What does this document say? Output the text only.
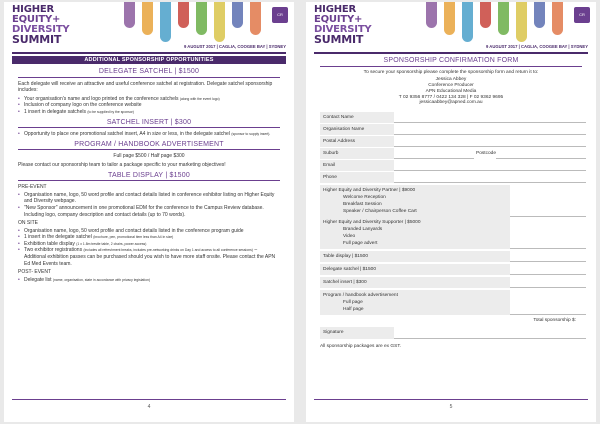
HIGHER
EQUITY+
DIVERSITY
SUMMIT
CR
9 AUGUST 2017 | CAGLIA, COOGEE BAY | SYDNEY
ADDITIONAL SPONSORSHIP OPPORTUNITIES
DELEGATE SATCHEL | $1500
Each delegate will receive an attractive and useful conference satchel at registration. Delegate satchel sponsorship includes:
• Your organisation's name and logo printed on the conference satchels (along with the event logo)
• Inclusion of company logo on the conference website
• 1 insert in delegate satchels (to be supplied by the sponsor)
SATCHEL INSERT | $300
• Opportunity to place one promotional satchel insert, A4 in size or less, in the delegate satchel (sponsor to supply insert).
PROGRAM / HANDBOOK ADVERTISEMENT
Full page $500 / Half page $300
Please contact our sponsorship team to tailor a package specific to your marketing objectives!
TABLE DISPLAY | $1500
PRE-EVENT
• Organisation name, logo, 50 word profile and contact details listed in conference exhibitor listing on Higher Equity and Diversity webpage.
• "New Sponsor" announcement in one promotional EDM for the conference to the Campus Review database. Including logo, company description and contact details (up to 70 words).
ON SITE
• Organisation name, logo, 50 word profile and contact details listed in the conference program guide
• 1 insert in the delegate satchel (brochure, pen, promotional item less than A4 in size)
• Exhibition table display (1 x 1.8m trestle table, 2 chairs, power access)
• Two exhibitor registrations (includes all refreshment breaks, includes pre-networking drinks on Day 1 and access to all conference sessions) – Additional exhibition passes can be purchased should you wish to have more staff onsite. Please contact the APN Ed Med Events team.
POST- EVENT
• Delegate list (name, organisation, state in accordance with privacy legislation)
4
HIGHER
EQUITY+
DIVERSITY
SUMMIT
CR
9 AUGUST 2017 | CAGLIA, COOGEE BAY | SYDNEY
SPONSORSHIP CONFIRMATION FORM
To secure your sponsorship please complete the sponsorship form and return it to:
Jessica Abbey
Conference Producer
APN Educational Media
T 02 9356 8777 / 0422 134 328 | F 02 9362 9695
jessicaabbey@apned.com.au
Contact Name
Organisation Name
Postal Address
Suburb	Postcode
Email
Phone
Higher Equity and Diversity Partner | $9000
Welcome Reception
Breakfast Session
Speaker / Chairperson Coffee Cart
Higher Equity and Diversity Supporter | $5000
Branded Lanyards
Video
Full page advert
Table display | $1500
Delegate satchel | $1500
Satchel insert | $300
Program / handbook advertisement
Full page
Half page
Total sponsorship $:
Signature
All sponsorship packages are ex GST.
5
